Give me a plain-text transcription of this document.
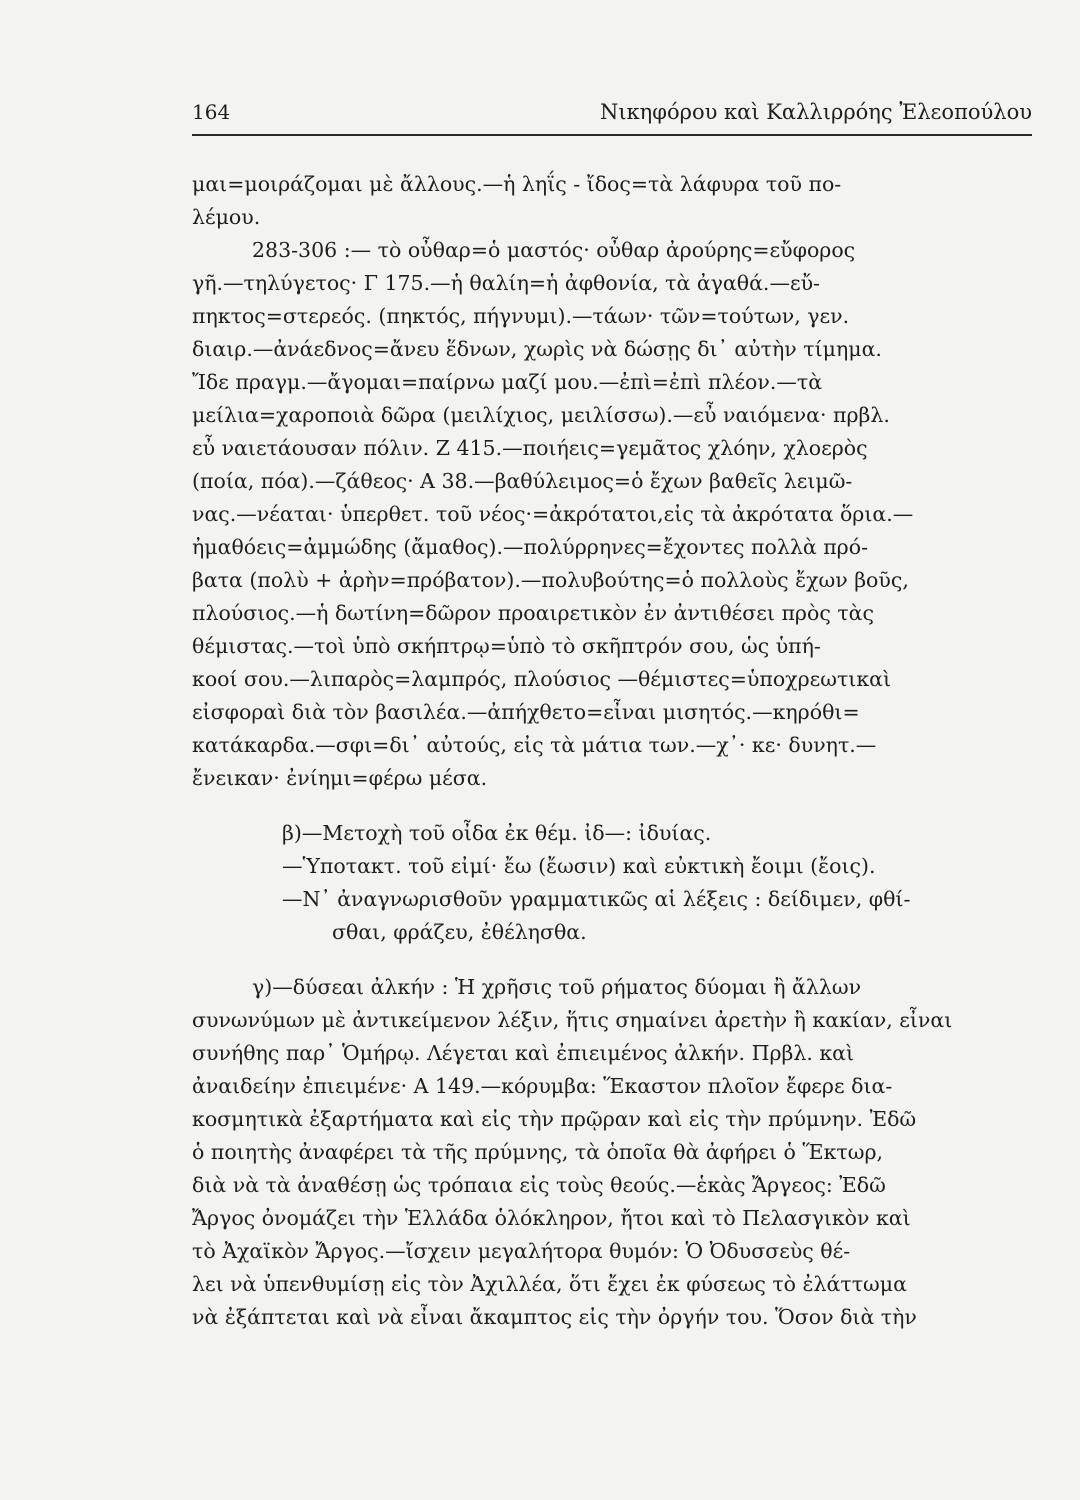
164	Νικηφόρου καὶ Καλλιρρόης Ἐλεοπούλου
μαι=μοιράζομαι μὲ ἄλλους.—ἡ ληΐς - ἴδος=τὰ λάφυρα τοῦ πο-
λέμου.
283-306 :— τὸ οὖθαρ=ὁ μαστός· οὖθαρ ἀρούρης=εὔφορος
γῆ.—τηλύγετος· Γ 175.—ἡ θαλίη=ἡ ἀφθονία, τὰ ἀγαθά.—εὔ-
πηκτος=στερεός. (πηκτός, πήγνυμι).—τάων· τῶν=τούτων, γεν.
διαιρ.—ἀνάεδνος=ἄνευ ἕδνων, χωρὶς νὰ δώσῃς δι᾽ αὐτὴν τίμημα.
Ἴδε πραγμ.—ἄγομαι=παίρνω μαζί μου.—ἐπὶ=ἐπὶ πλέον.—τὰ
μείλια=χαροποιὰ δῶρα (μειλίχιος, μειλίσσω).—εὖ ναιόμενα· πρβλ.
εὖ ναιετάουσαν πόλιν. Ζ 415.—ποιήεις=γεμᾶτος χλόην, χλοερὸς
(ποία, πόα).—ζάθεος· Α 38.—βαθύλειμος=ὁ ἔχων βαθεῖς λειμῶ-
νας.—νέαται· ὑπερθετ. τοῦ νέος·=ἀκρότατοι,εἰς τὰ ἀκρότατα ὅρια.—
ἠμαθόεις=ἀμμώδης (ἄμαθος).—πολύρρηνες=ἔχοντες πολλὰ πρό-
βατα (πολὺ + ἀρὴν=πρόβατον).—πολυβούτης=ὁ πολλοὺς ἔχων βοῦς,
πλούσιος.—ἡ δωτίνη=δῶρον προαιρετικὸν ἐν ἀντιθέσει πρὸς τὰς
θέμιστας.—τοὶ ὑπὸ σκήπτρῳ=ὑπὸ τὸ σκῆπτρόν σου, ὡς ὑπή-
κοοί σου.—λιπαρὸς=λαμπρός, πλούσιος —θέμιστες=ὑποχρεωτικαὶ
εἰσφοραὶ διὰ τὸν βασιλέα.—ἀπήχθετο=εἶναι μισητός.—κηρόθι=
κατάκαρδα.—σφι=δι᾽ αὐτούς, εἰς τὰ μάτια των.—χ᾽· κε· δυνητ.—
ἔνεικαν· ἐνίημι=φέρω μέσα.
β)—Μετοχὴ τοῦ οἶδα ἐκ θέμ. ἰδ—: ἰδυίας.
—Ὑποτακτ. τοῦ εἰμί· ἔω (ἔωσιν) καὶ εὐκτικὴ ἔοιμι (ἔοις).
—Ν᾽ ἀναγνωρισθοῦν γραμματικῶς αἱ λέξεις : δείδιμεν, φθί-
σθαι, φράζευ, ἐθέλησθα.
γ)—δύσεαι ἀλκήν : Ἡ χρῆσις τοῦ ρήματος δύομαι ἢ ἄλλων
συνωνύμων μὲ ἀντικείμενον λέξιν, ἥτις σημαίνει ἀρετὴν ἢ κακίαν, εἶναι
συνήθης παρ᾽ Ὁμήρῳ. Λέγεται καὶ ἐπιειμένος ἀλκήν. Πρβλ. καὶ
ἀναιδείην ἐπιειμένε· Α 149.—κόρυμβα: Ἕκαστον πλοῖον ἔφερε δια-
κοσμητικὰ ἐξαρτήματα καὶ εἰς τὴν πρῷραν καὶ εἰς τὴν πρύμνην. Ἐδῶ
ὁ ποιητὴς ἀναφέρει τὰ τῆς πρύμνης, τὰ ὁποῖα θὰ ἀφήρει ὁ Ἕκτωρ,
διὰ νὰ τὰ ἀναθέσῃ ὡς τρόπαια εἰς τοὺς θεούς.—ἑκὰς Ἄργεος: Ἐδῶ
Ἄργος ὀνομάζει τὴν Ἑλλάδα ὁλόκληρον, ἤτοι καὶ τὸ Πελασγικὸν καὶ
τὸ Ἀχαϊκὸν Ἄργος.—ἴσχειν μεγαλήτορα θυμόν: Ὁ Ὀδυσσεὺς θέ-
λει νὰ ὑπενθυμίσῃ εἰς τὸν Ἀχιλλέα, ὅτι ἔχει ἐκ φύσεως τὸ ἐλάττωμα
νὰ ἐξάπτεται καὶ νὰ εἶναι ἄκαμπτος εἰς τὴν ὀργήν του. Ὅσον διὰ τὴν
